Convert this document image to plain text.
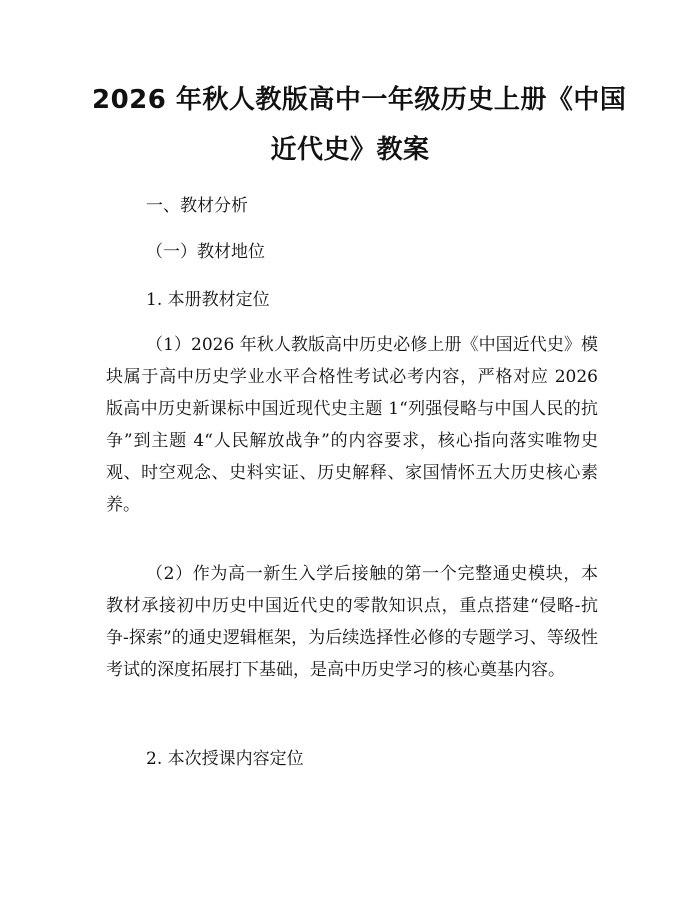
2026 年秋人教版高中一年级历史上册《中国
近代史》教案
一、教材分析
（一）教材地位
1. 本册教材定位

（1）2026 年秋人教版高中历史必修上册《中国近代史》模块属于高中历史学业水平合格性考试必考内容，严格对应 2026 版高中历史新课标中国近现代史主题 1“列强侵略与中国人民的抗争”到主题 4“人民解放战争”的内容要求，核心指向落实唯物史观、时空观念、史料实证、历史解释、家国情怀五大历史核心素养。

（2）作为高一新生入学后接触的第一个完整通史模块，本教材承接初中历史中国近代史的零散知识点，重点搭建“侵略-抗争-探索”的通史逻辑框架，为后续选择性必修的专题学习、等级性考试的深度拓展打下基础，是高中历史学习的核心奠基内容。

2. 本次授课内容定位
